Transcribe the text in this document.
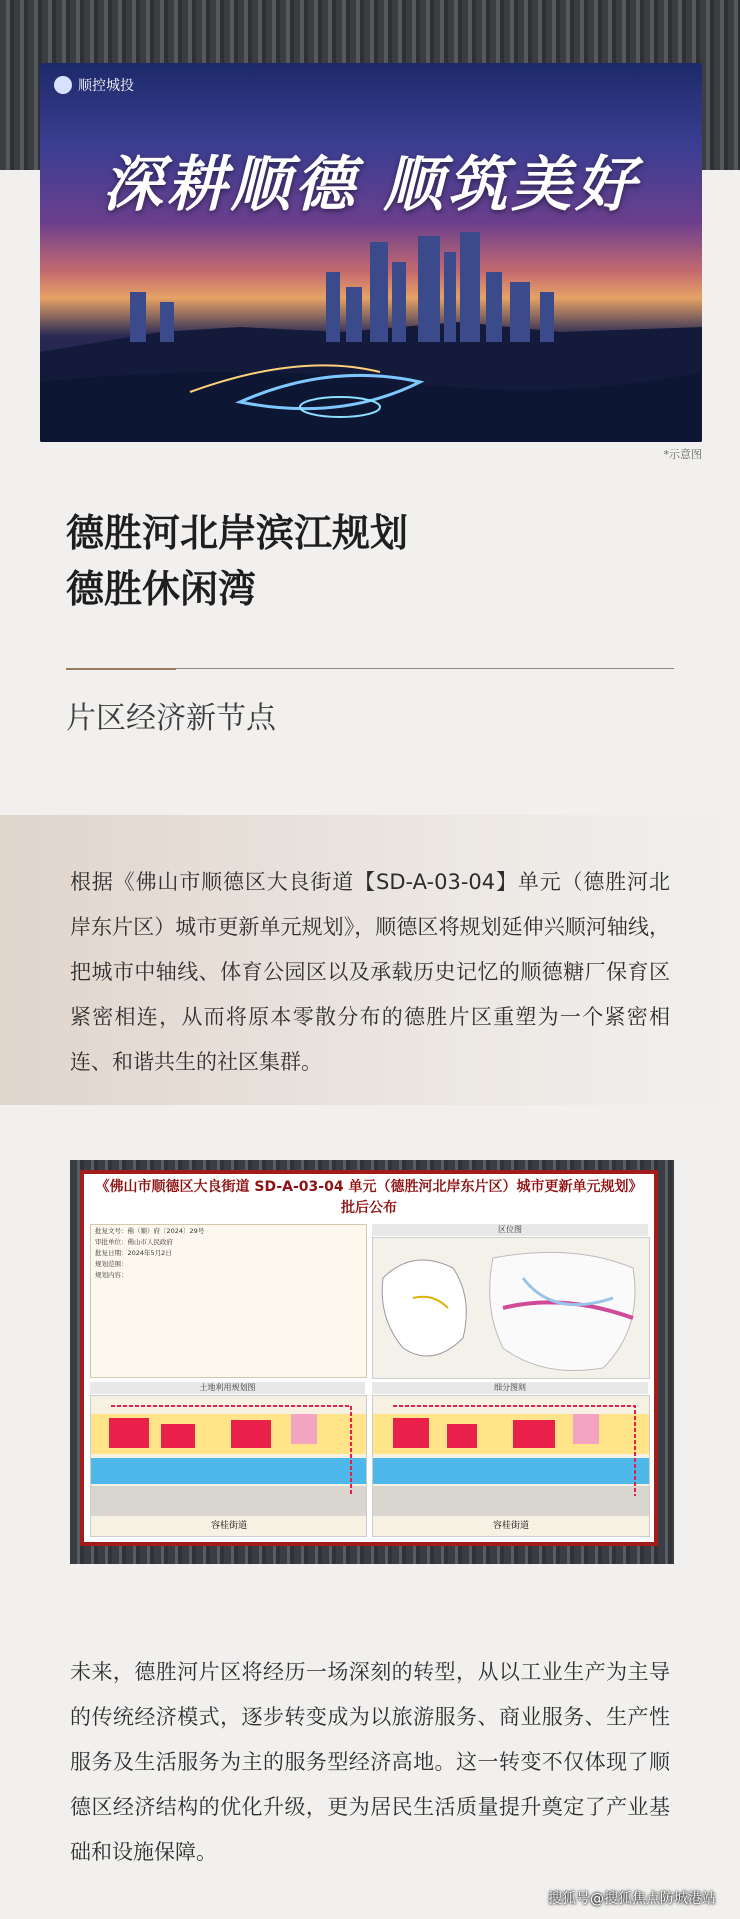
顺控城投
深耕顺德 顺筑美好
*示意图
德胜河北岸滨江规划
德胜休闲湾
片区经济新节点
根据《佛山市顺德区大良街道【SD-A-03-04】单元（德胜河北岸东片区）城市更新单元规划》，顺德区将规划延伸兴顺河轴线，把城市中轴线、体育公园区以及承载历史记忆的顺德糖厂保育区紧密相连，从而将原本零散分布的德胜片区重塑为一个紧密相连、和谐共生的社区集群。
《佛山市顺德区大良街道 SD-A-03-04 单元（德胜河北岸东片区）城市更新单元规划》
批后公布
批复文号：佛（顺）府〔2024〕29号
审批单位：佛山市人民政府
批复日期：2024年5月2日
规划范围：
规划内容：
区位图
土地利用规划图
容桂街道
细分图则
容桂街道
未来，德胜河片区将经历一场深刻的转型，从以工业生产为主导的传统经济模式，逐步转变成为以旅游服务、商业服务、生产性服务及生活服务为主的服务型经济高地。这一转变不仅体现了顺德区经济结构的优化升级，更为居民生活质量提升奠定了产业基础和设施保障。
搜狐号@搜狐焦点防城港站
